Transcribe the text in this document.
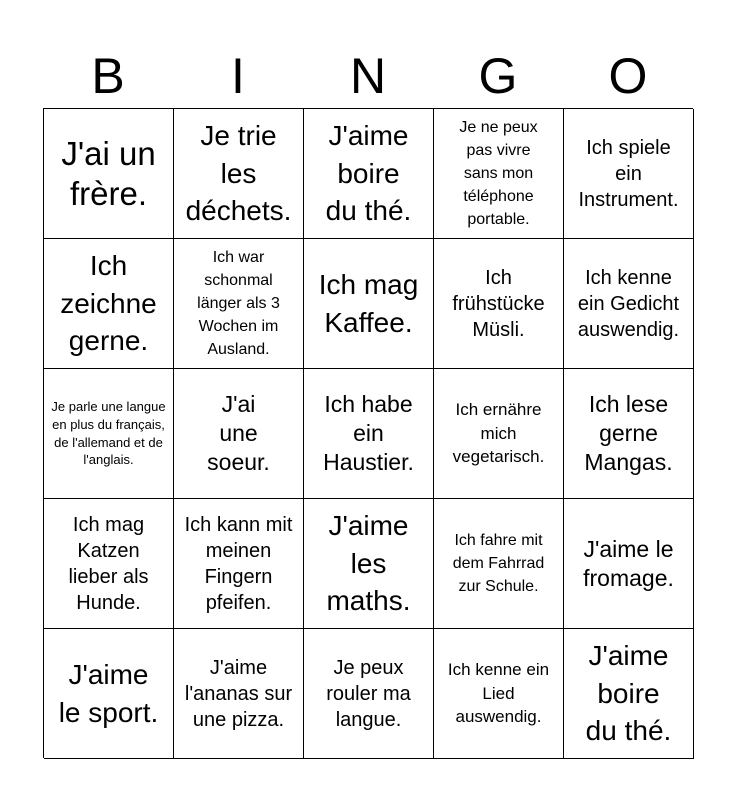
B	I	N	G	O
J'ai un frère.
Je trie les déchets.
J'aime boire du thé.
Je ne peux pas vivre sans mon téléphone portable.
Ich spiele ein Instrument.
Ich zeichne gerne.
Ich war schonmal länger als 3 Wochen im Ausland.
Ich mag Kaffee.
Ich frühstücke Müsli.
Ich kenne ein Gedicht auswendig.
Je parle une langue en plus du français, de l'allemand et de l'anglais.
J'ai une soeur.
Ich habe ein Haustier.
Ich ernähre mich vegetarisch.
Ich lese gerne Mangas.
Ich mag Katzen lieber als Hunde.
Ich kann mit meinen Fingern pfeifen.
J'aime les maths.
Ich fahre mit dem Fahrrad zur Schule.
J'aime le fromage.
J'aime le sport.
J'aime l'ananas sur une pizza.
Je peux rouler ma langue.
Ich kenne ein Lied auswendig.
J'aime boire du thé.
